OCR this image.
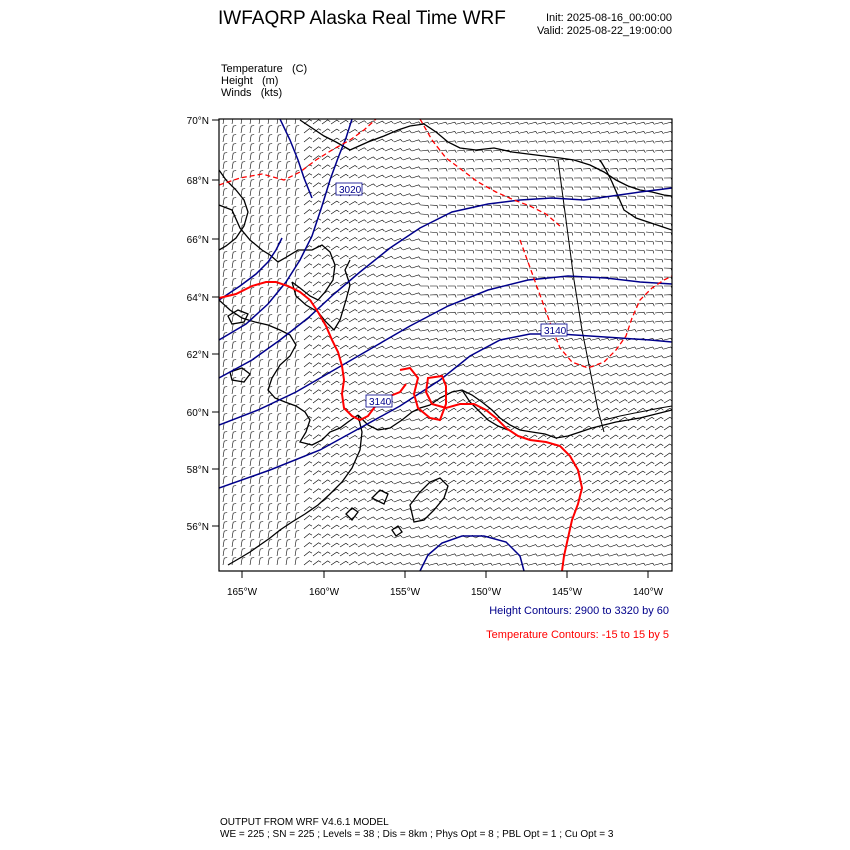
IWFAQRP Alaska Real Time WRF	Init: 2025-08-16_00:00:00
Valid: 2025-08-22_19:00:00
Temperature (C)
Height (m)
Winds (kts)
3020
3140
3140
70°N
68°N
66°N
64°N
62°N
60°N
58°N
56°N
165°W	160°W	155°W	150°W	145°W	140°W
Height Contours: 2900 to 3320 by 60
Temperature Contours: -15 to 15 by 5
OUTPUT FROM WRF V4.6.1 MODEL
WE = 225 ; SN = 225 ; Levels = 38 ; Dis = 8km ; Phys Opt = 8 ; PBL Opt = 1 ; Cu Opt = 3
